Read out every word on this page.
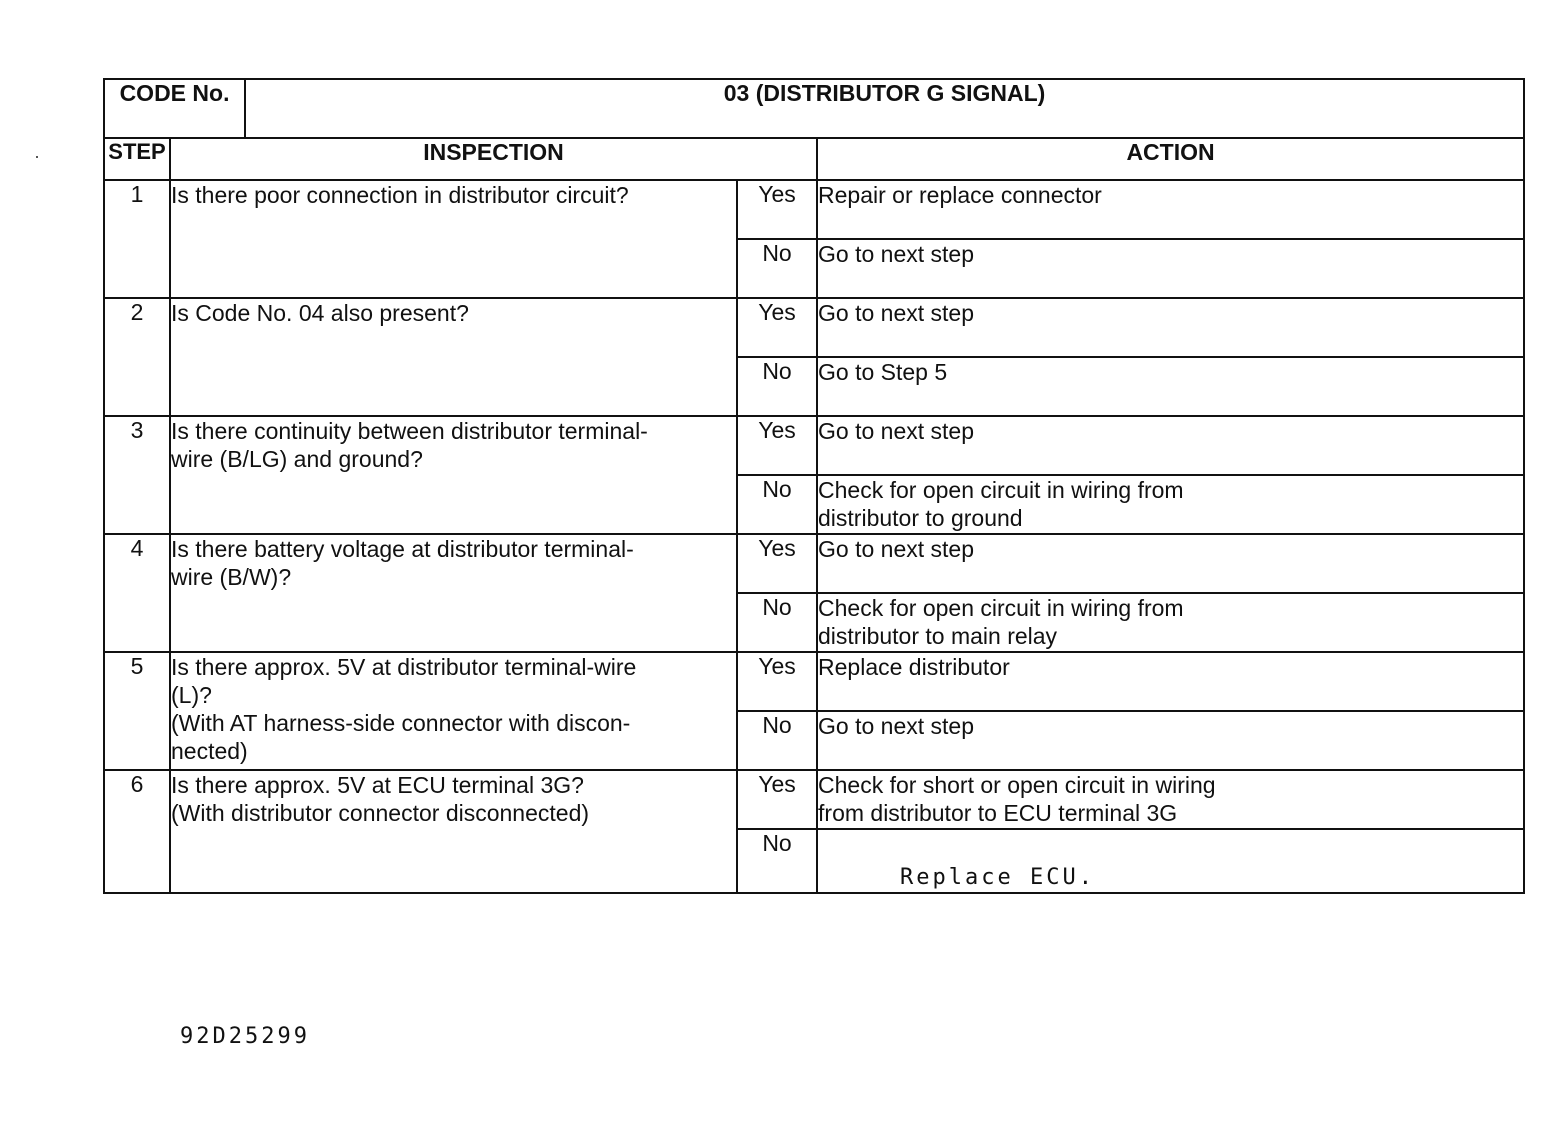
CODE No.		03 (DISTRIBUTOR G SIGNAL)		
STEP	INSPECTION			ACTION
1	Is there poor connection in distributor circuit?		Yes	Repair or replace connector
			No	Go to next step
2	Is Code No. 04 also present?		Yes	Go to next step
			No	Go to Step 5
3	Is there continuity between distributor terminal-
wire (B/LG) and ground?		Yes	Go to next step
			No	Check for open circuit in wiring from
distributor to ground
4	Is there battery voltage at distributor terminal-
wire (B/W)?		Yes	Go to next step
			No	Check for open circuit in wiring from
distributor to main relay
5	Is there approx. 5V at distributor terminal-wire
(L)?
(With AT harness-side connector with discon-
nected)		Yes	Replace distributor
			No	Go to next step
6	Is there approx. 5V at ECU terminal 3G?
(With distributor connector disconnected)		Yes	Check for short or open circuit in wiring
from distributor to ECU terminal 3G
			No	Replace ECU.
92D25299
